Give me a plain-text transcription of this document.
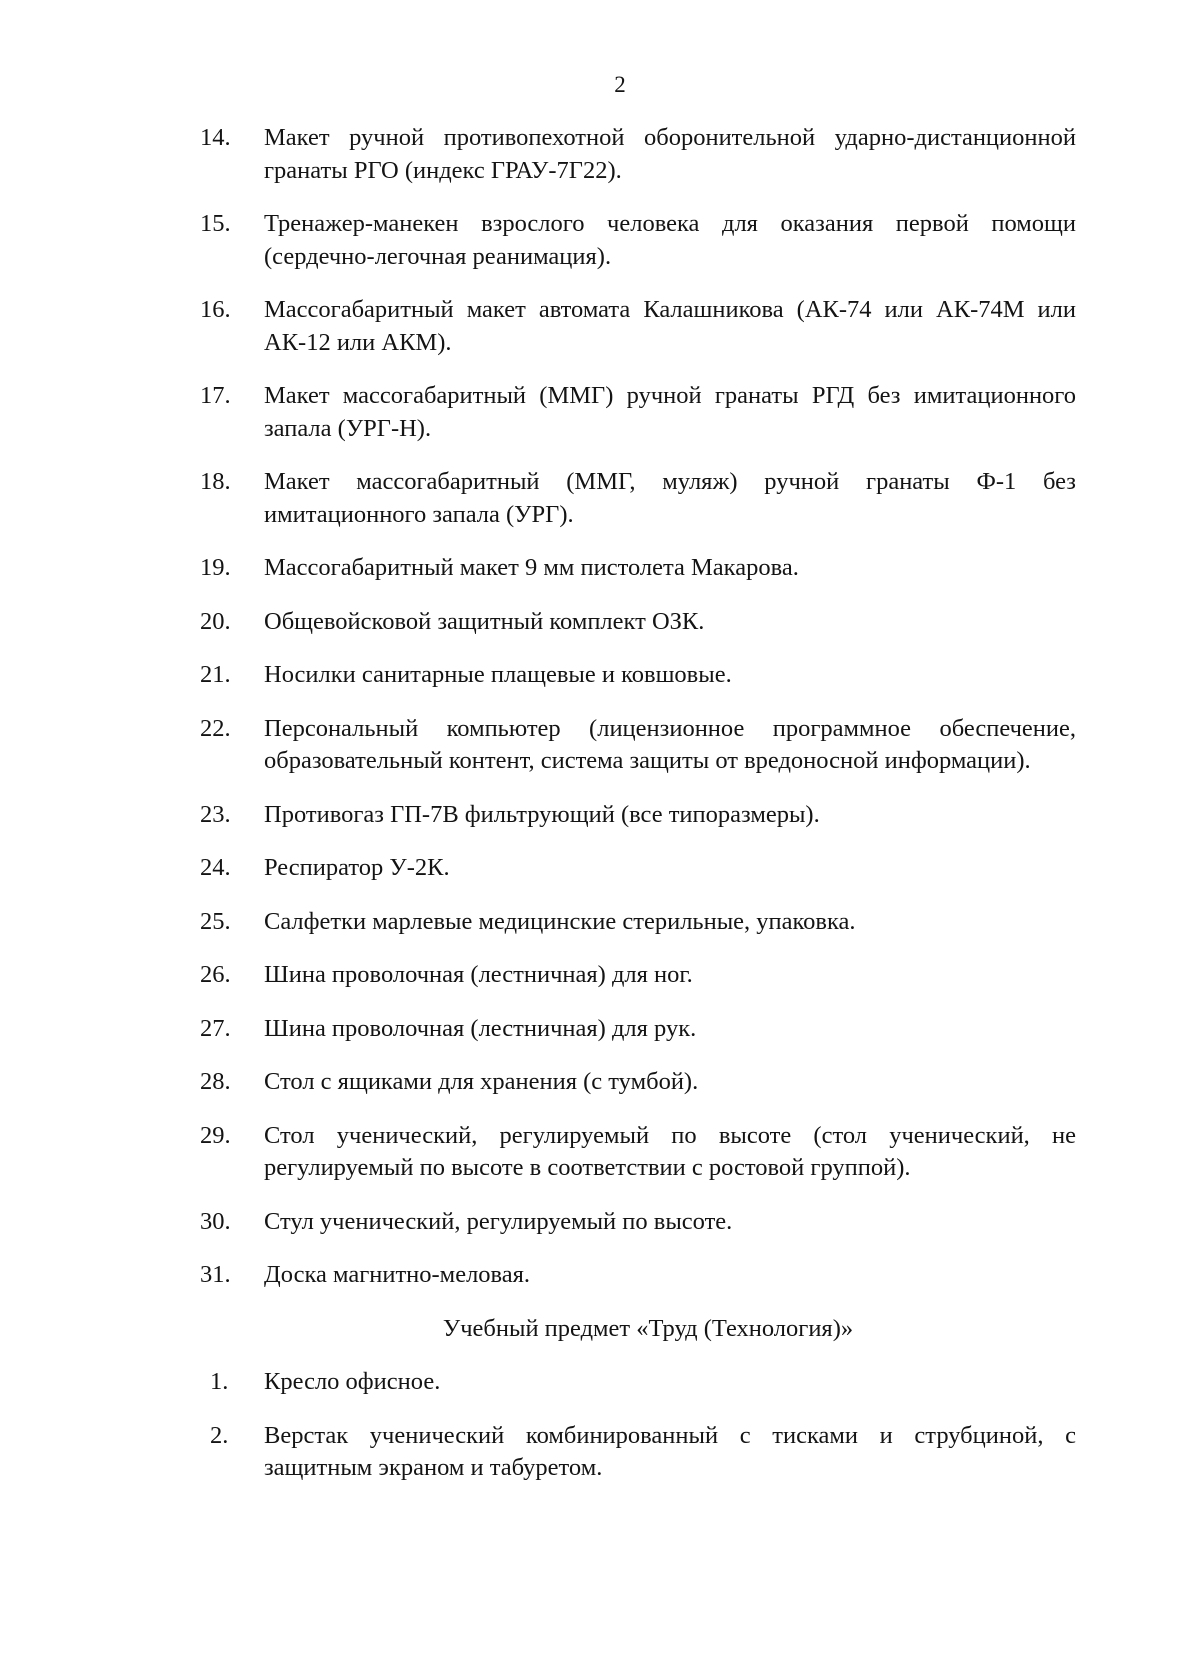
2
14.	Макет ручной противопехотной оборонительной ударно-дистанционной гранаты РГО (индекс ГРАУ-7Г22).
15.	Тренажер-манекен взрослого человека для оказания первой помощи (сердечно-легочная реанимация).
16.	Массогабаритный макет автомата Калашникова (АК-74 или АК-74М или АК-12 или АКМ).
17.	Макет массогабаритный (ММГ) ручной гранаты РГД без имитационного запала (УРГ-Н).
18.	Макет массогабаритный (ММГ, муляж) ручной гранаты Ф-1 без имитационного запала (УРГ).
19.	Массогабаритный макет 9 мм пистолета Макарова.
20.	Общевойсковой защитный комплект ОЗК.
21.	Носилки санитарные плащевые и ковшовые.
22.	Персональный компьютер (лицензионное программное обеспечение, образовательный контент, система защиты от вредоносной информации).
23.	Противогаз ГП-7В фильтрующий (все типоразмеры).
24.	Респиратор У-2К.
25.	Салфетки марлевые медицинские стерильные, упаковка.
26.	Шина проволочная (лестничная) для ног.
27.	Шина проволочная (лестничная) для рук.
28.	Стол с ящиками для хранения (с тумбой).
29.	Стол ученический, регулируемый по высоте (стол ученический, не регулируемый по высоте в соответствии с ростовой группой).
30.	Стул ученический, регулируемый по высоте.
31.	Доска магнитно-меловая.
Учебный предмет «Труд (Технология)»
1.	Кресло офисное.
2.	Верстак ученический комбинированный с тисками и струбциной, с защитным экраном и табуретом.
